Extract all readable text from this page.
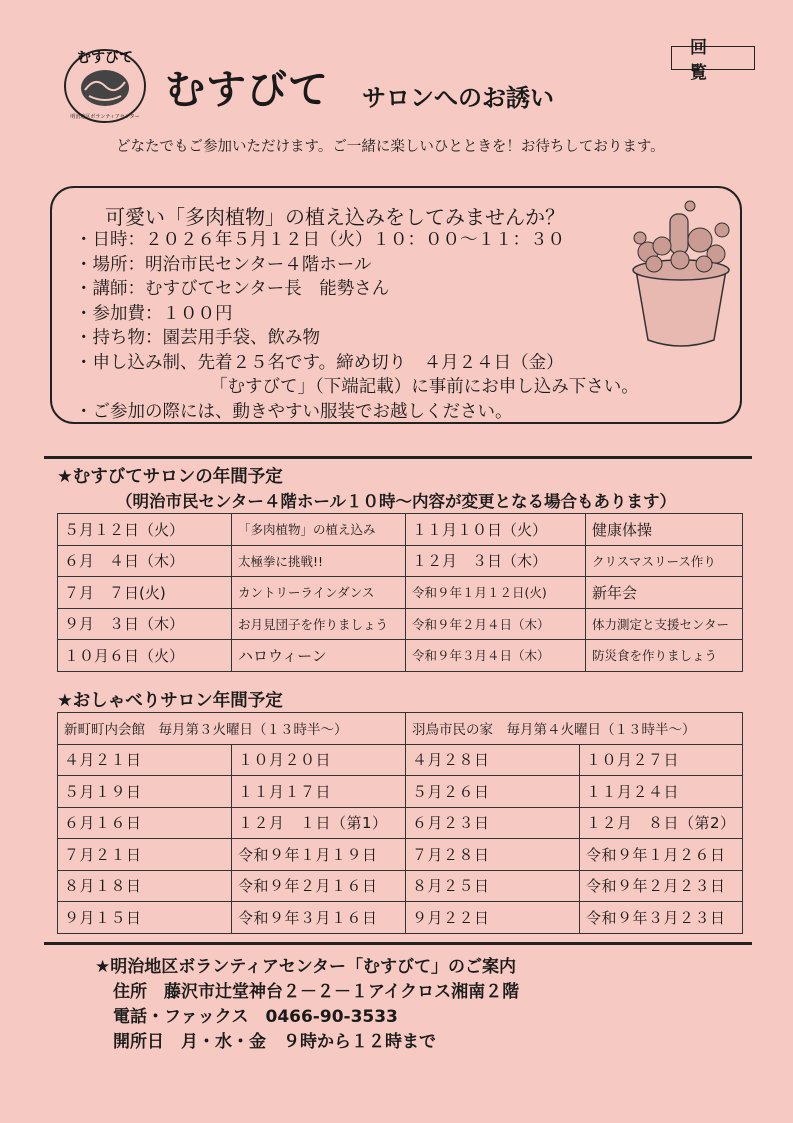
回覧
むすびて
明治地区ボランティアセンター
むすびて サロンへのお誘い
どなたでもご参加いただけます。ご一緒に楽しいひとときを！お待ちしております。
可愛い「多肉植物」の植え込みをしてみませんか？
・日時：２０２６年５月１２日（火）１０：００～１１：３０
・場所：明治市民センター４階ホール
・講師：むすびてセンター長　能勢さん
・参加費：１００円
・持ち物：園芸用手袋、飲み物
・申し込み制、先着２５名です。締め切り　４月２４日（金）
「むすびて」（下端記載）に事前にお申し込み下さい。
・ご参加の際には、動きやすい服装でお越しください。
★むすびてサロンの年間予定
（明治市民センター４階ホール１０時～内容が変更となる場合もあります）
５月１２日（火）	「多肉植物」の植え込み	１１月１０日（火）	健康体操
６月　４日（木）	太極拳に挑戦!!	１２月　３日（木）	クリスマスリース作り
７月　７日(火)	カントリーラインダンス	令和９年１月１２日(火)	新年会
９月　３日（木）	お月見団子を作りましょう	令和９年２月４日（木）	体力測定と支援センター
１０月６日（火）	ハロウィーン	令和９年３月４日（木）	防災食を作りましょう
★おしゃべりサロン年間予定
新町町内会館　毎月第３火曜日（１３時半～）		羽鳥市民の家　毎月第４火曜日（１３時半～）	
４月２１日	１０月２０日	４月２８日	１０月２７日
５月１９日	１１月１７日	５月２６日	１１月２４日
６月１６日	１２月　１日（第1）	６月２３日	１２月　８日（第2）
７月２１日	令和９年１月１９日	７月２８日	令和９年１月２６日
８月１８日	令和９年２月１６日	８月２５日	令和９年２月２３日
９月１５日	令和９年３月１６日	９月２２日	令和９年３月２３日
★明治地区ボランティアセンター「むすびて」のご案内
住所　藤沢市辻堂神台２－２－１アイクロス湘南２階
電話・ファックス　0466-90-3533
開所日　月・水・金　９時から１２時まで
